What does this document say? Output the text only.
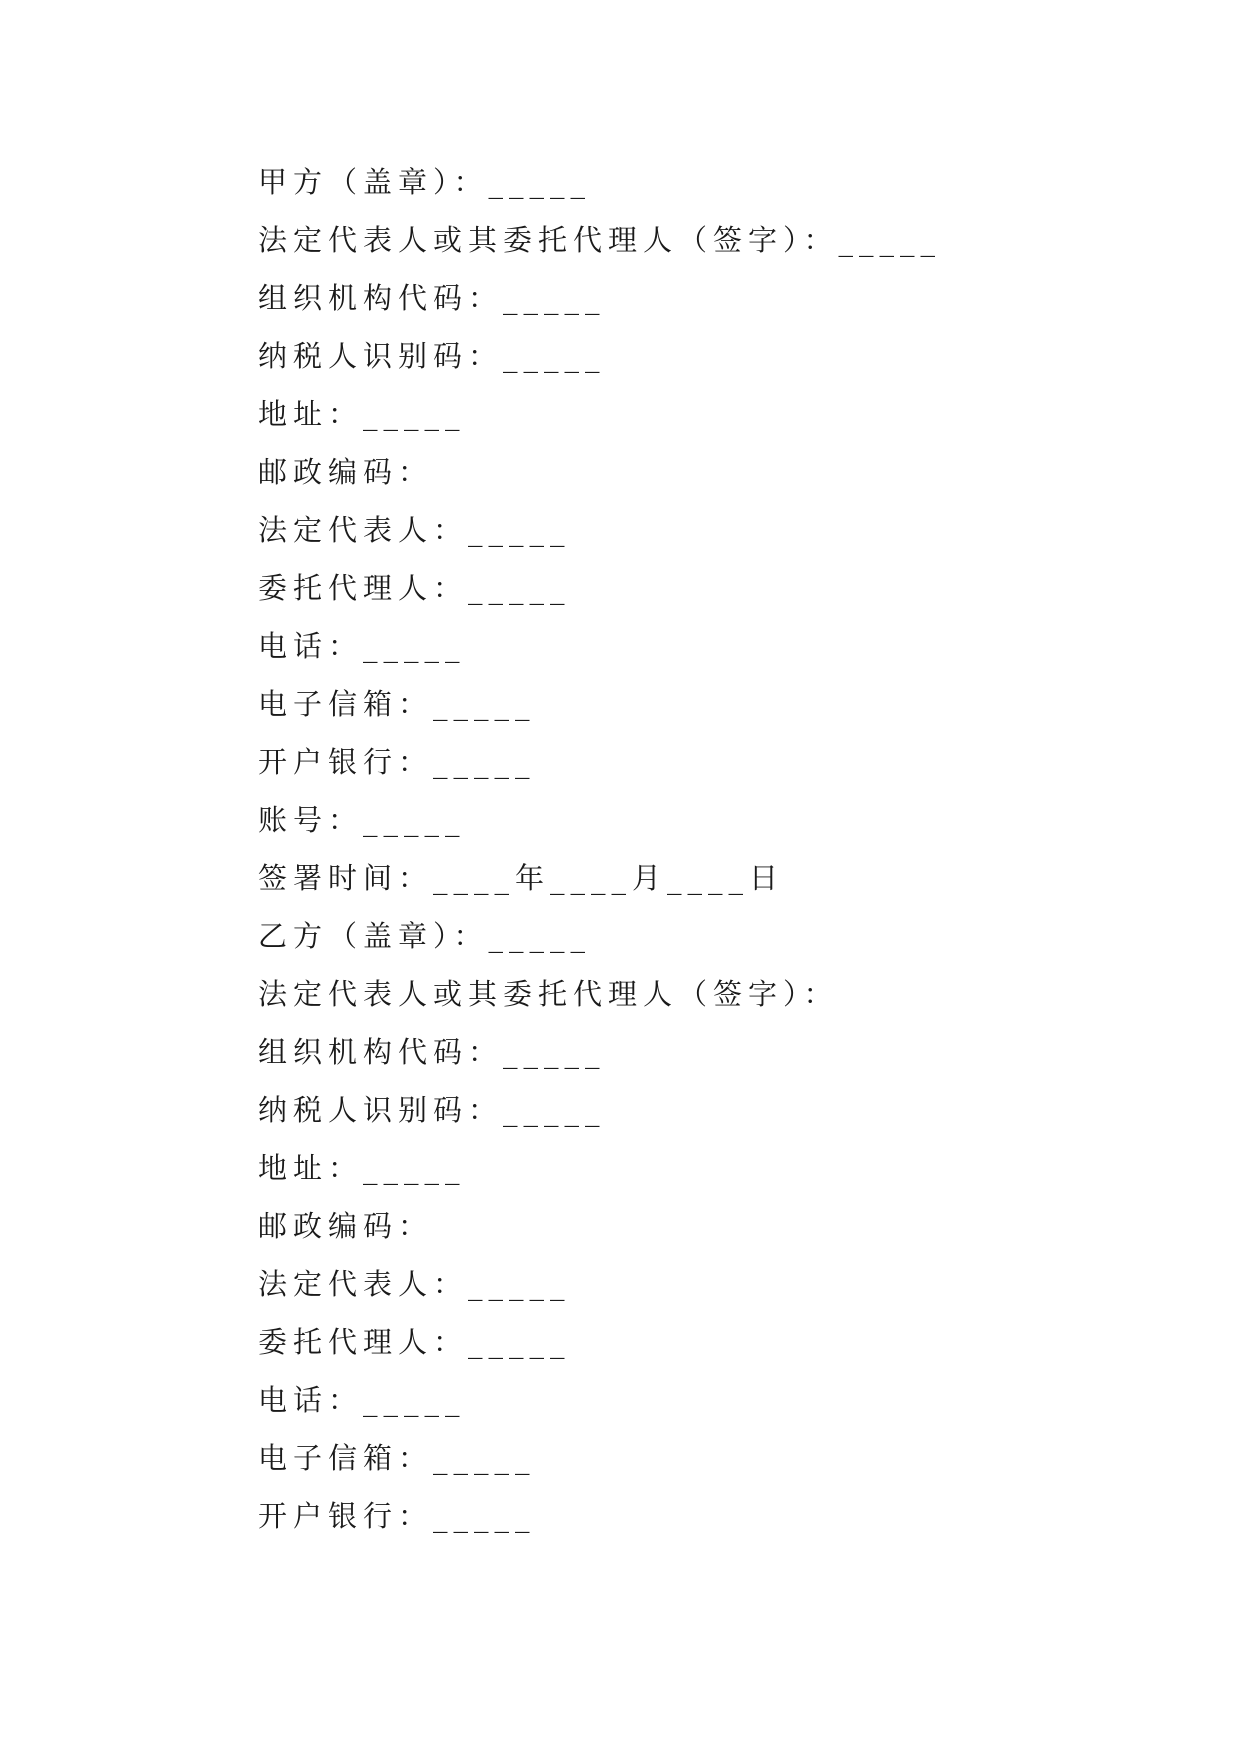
甲方（盖章）：_____
法定代表人或其委托代理人（签字）：_____
组织机构代码：_____
纳税人识别码：_____
地址：_____
邮政编码：
法定代表人：_____
委托代理人：_____
电话：_____
电子信箱：_____
开户银行：_____
账号：_____
签署时间：____年____月____日
乙方（盖章）：_____
法定代表人或其委托代理人（签字）：
组织机构代码：_____
纳税人识别码：_____
地址：_____
邮政编码：
法定代表人：_____
委托代理人：_____
电话：_____
电子信箱：_____
开户银行：_____
